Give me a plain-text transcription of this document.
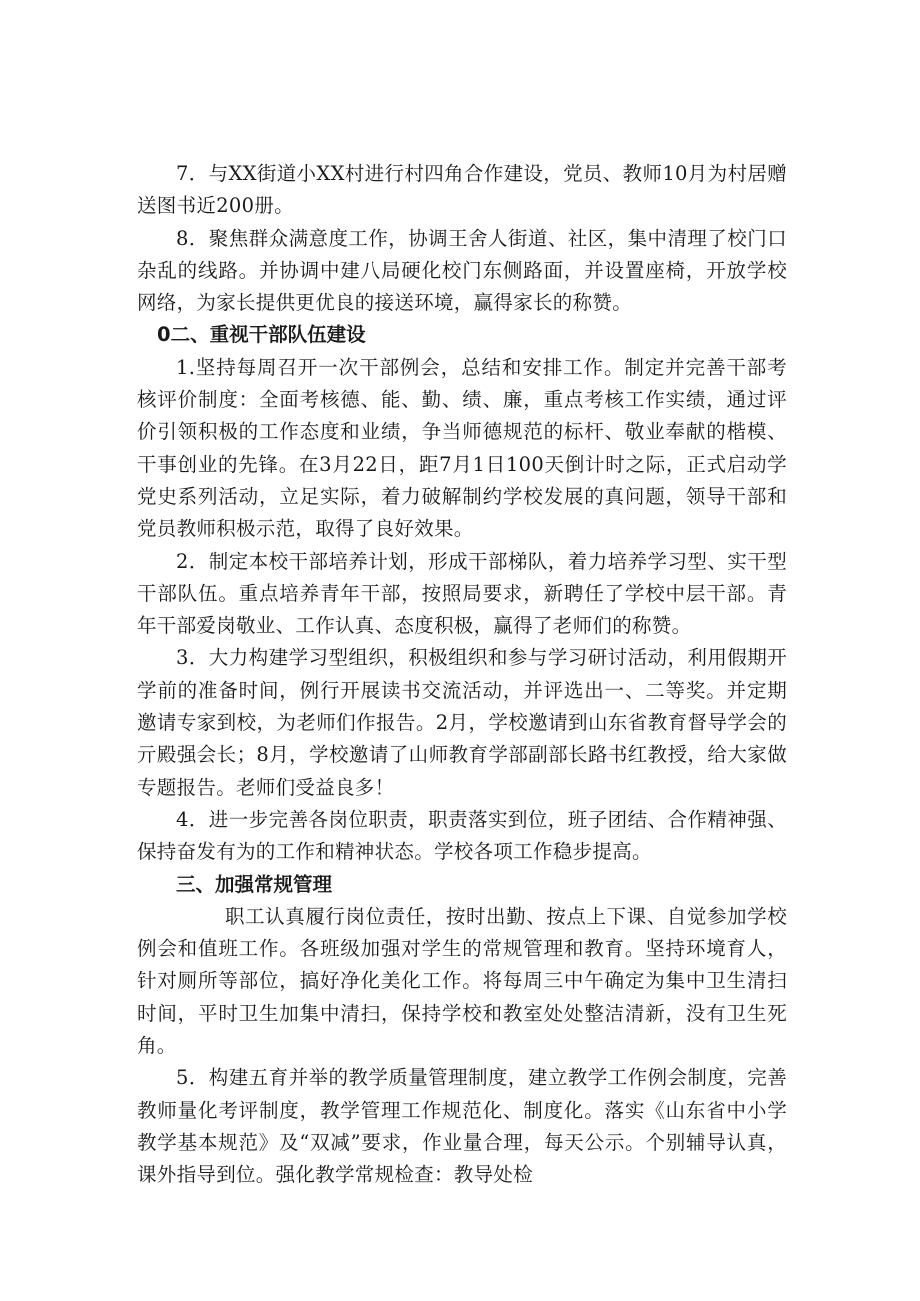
7．与XX街道小XX村进行村四角合作建设，党员、教师10月为村居赠送图书近200册。

8．聚焦群众满意度工作，协调王舍人街道、社区，集中清理了校门口杂乱的线路。并协调中建八局硬化校门东侧路面，并设置座椅，开放学校网络，为家长提供更优良的接送环境，赢得家长的称赞。

0二、重视干部队伍建设

1.坚持每周召开一次干部例会，总结和安排工作。制定并完善干部考核评价制度：全面考核德、能、勤、绩、廉，重点考核工作实绩，通过评价引领积极的工作态度和业绩，争当师德规范的标杆、敬业奉献的楷模、干事创业的先锋。在3月22日，距7月1日100天倒计时之际，正式启动学党史系列活动，立足实际，着力破解制约学校发展的真问题，领导干部和党员教师积极示范，取得了良好效果。

2．制定本校干部培养计划，形成干部梯队，着力培养学习型、实干型干部队伍。重点培养青年干部，按照局要求，新聘任了学校中层干部。青年干部爱岗敬业、工作认真、态度积极，赢得了老师们的称赞。

3．大力构建学习型组织，积极组织和参与学习研讨活动，利用假期开学前的准备时间，例行开展读书交流活动，并评选出一、二等奖。并定期邀请专家到校，为老师们作报告。2月，学校邀请到山东省教育督导学会的亓殿强会长；8月，学校邀请了山师教育学部副部长路书红教授，给大家做专题报告。老师们受益良多！

4．进一步完善各岗位职责，职责落实到位，班子团结、合作精神强、保持奋发有为的工作和精神状态。学校各项工作稳步提高。

三、加强常规管理

职工认真履行岗位责任，按时出勤、按点上下课、自觉参加学校例会和值班工作。各班级加强对学生的常规管理和教育。坚持环境育人，针对厕所等部位，搞好净化美化工作。将每周三中午确定为集中卫生清扫时间，平时卫生加集中清扫，保持学校和教室处处整洁清新，没有卫生死角。

5．构建五育并举的教学质量管理制度，建立教学工作例会制度，完善教师量化考评制度，教学管理工作规范化、制度化。落实《山东省中小学教学基本规范》及“双减”要求，作业量合理，每天公示。个别辅导认真，课外指导到位。强化教学常规检查：教导处检
